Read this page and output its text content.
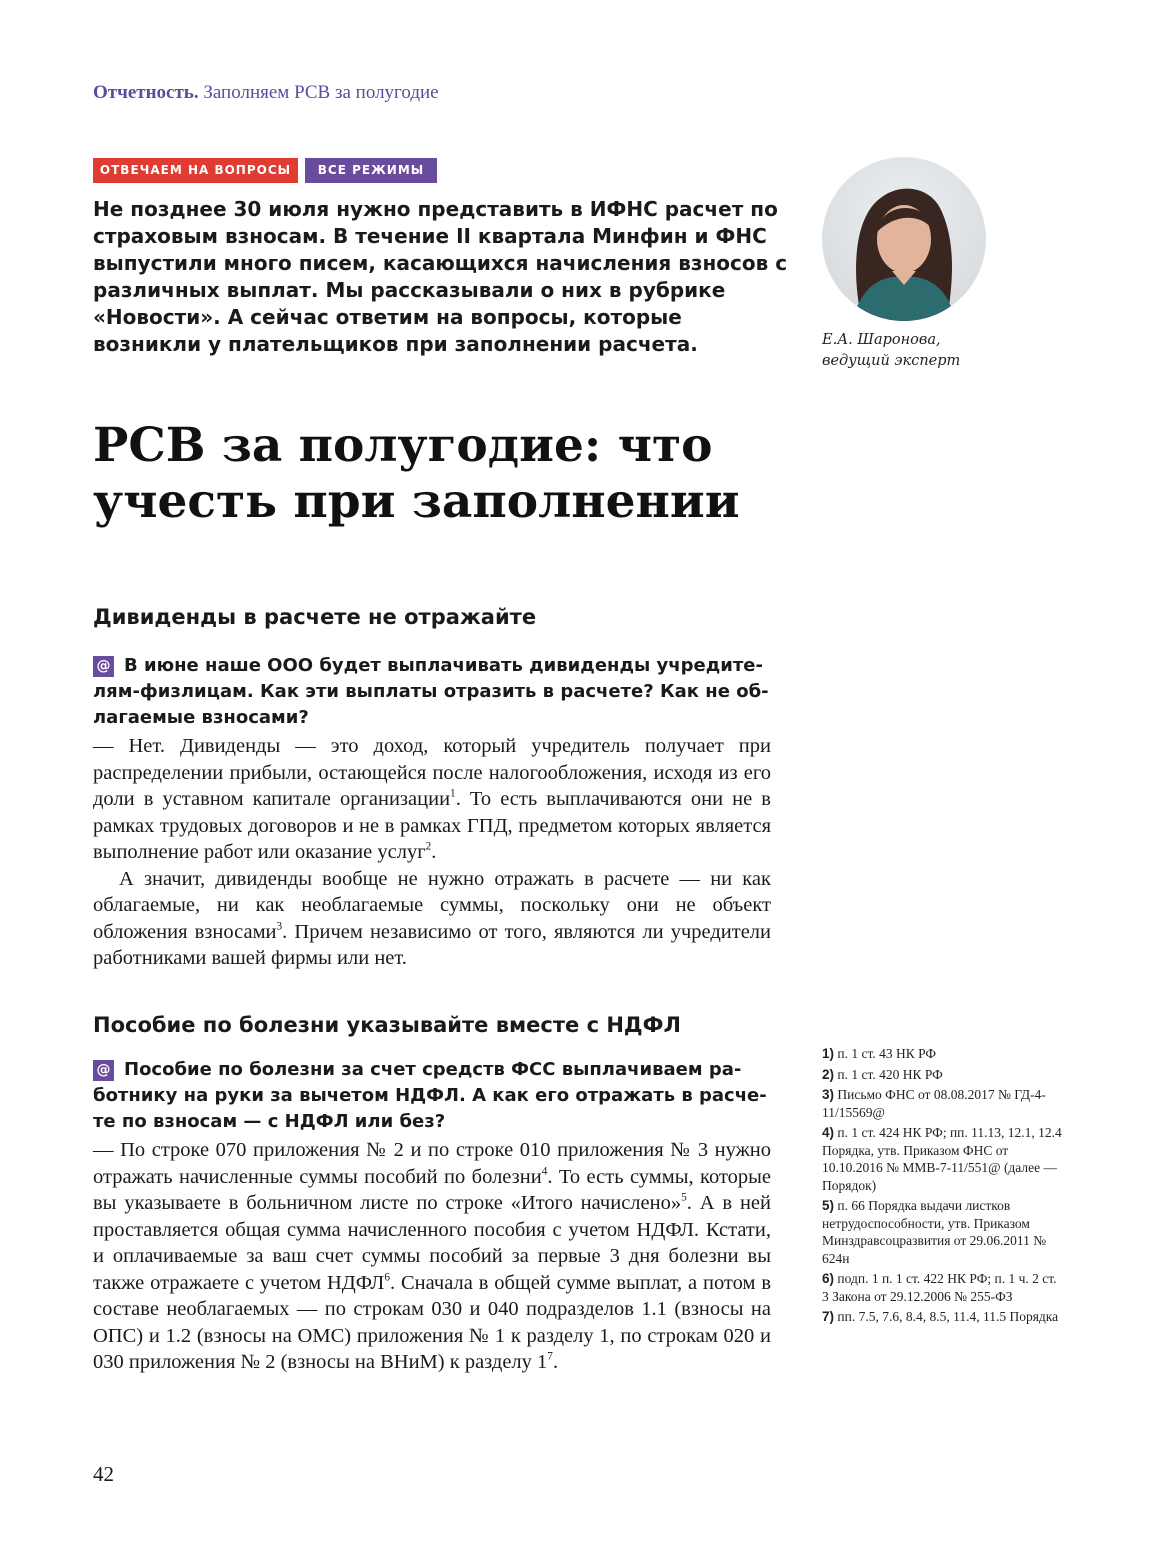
Отчетность. Заполняем РСВ за полугодие
ОТВЕЧАЕМ НА ВОПРОСЫ	ВСЕ РЕЖИМЫ
Не позднее 30 июля нужно представить в ИФНС расчет по страховым взносам. В течение II квартала Минфин и ФНС выпустили много писем, касающихся начисления взносов с различных выплат. Мы рассказывали о них в рубрике «Новости». А сейчас ответим на вопросы, которые возникли у плательщиков при заполнении расчета.	Е.А. Шаронова,
ведущий эксперт
РСВ за полугодие: что
учесть при заполнении
Дивиденды в расчете не отражайте
@ В июне наше ООО будет выплачивать дивиденды учредителям-физлицам. Как эти выплаты отразить в расчете? Как не облагаемые взносами?

— Нет. Дивиденды — это доход, который учредитель получает при распределении прибыли, остающейся после налогообложения, исходя из его доли в уставном капитале организации$^1$. То есть выплачиваются они не в рамках трудовых договоров и не в рамках ГПД, предметом которых является выполнение работ или оказание услуг$^2$.

А значит, дивиденды вообще не нужно отражать в расчете — ни как облагаемые, ни как необлагаемые суммы, поскольку они не объект обложения взносами$^3$. Причем независимо от того, являются ли учредители работниками вашей фирмы или нет.

Пособие по болезни указывайте вместе с НДФЛ
@ Пособие по болезни за счет средств ФСС выплачиваем работнику на руки за вычетом НДФЛ. А как его отражать в расчете по взносам — с НДФЛ или без?

— По строке 070 приложения № 2 и по строке 010 приложения № 3 нужно отражать начисленные суммы пособий по болезни$^4$. То есть суммы, которые вы указываете в больничном листе по строке «Итого начислено»$^5$. А в ней проставляется общая сумма начисленного пособия с учетом НДФЛ. Кстати, и оплачиваемые за ваш счет суммы пособий за первые 3 дня болезни вы также отражаете с учетом НДФЛ$^6$. Сначала в общей сумме выплат, а потом в составе необлагаемых — по строкам 030 и 040 подразделов 1.1 (взносы на ОПС) и 1.2 (взносы на ОМС) приложения № 1 к разделу 1, по строкам 020 и 030 приложения № 2 (взносы на ВНиМ) к разделу $1^7$.

1) п. 1 ст. 43 НК РФ
2) п. 1 ст. 420 НК РФ
3) Письмо ФНС от 08.08.2017 № ГД-4-11/15569@
4) п. 1 ст. 424 НК РФ; пп. 11.13, 12.1, 12.4 Порядка, утв. Приказом ФНС от 10.10.2016 № ММВ-7-11/551@ (далее — Порядок)
5) п. 66 Порядка выдачи листков нетрудоспособности, утв. Приказом Минздравсоцразвития от 29.06.2011 № 624н
6) подп. 1 п. 1 ст. 422 НК РФ; п. 1 ч. 2 ст. 3 Закона от 29.12.2006 № 255-ФЗ
7) пп. 7.5, 7.6, 8.4, 8.5, 11.4, 11.5 Порядка
42
